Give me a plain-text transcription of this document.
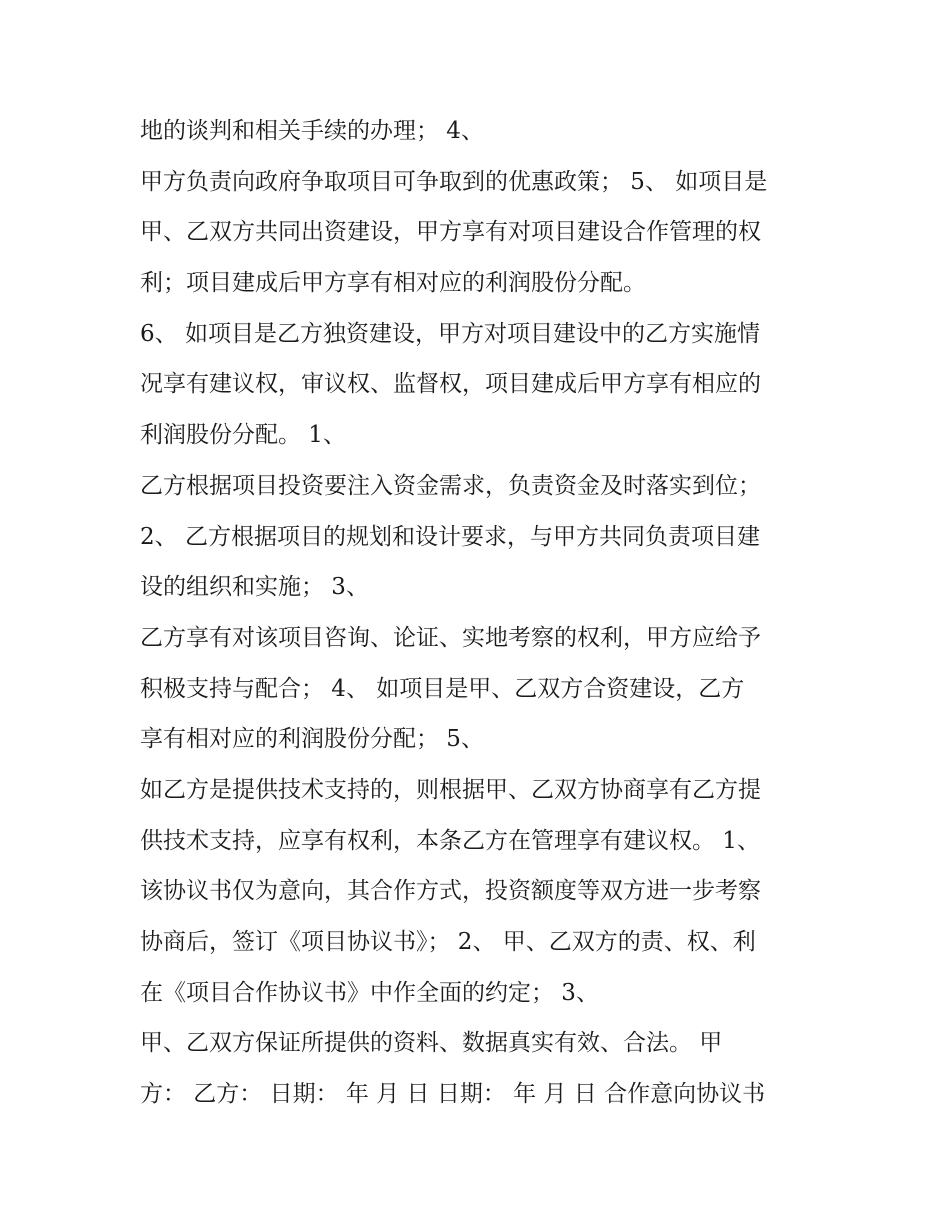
地的谈判和相关手续的办理； 4、
甲方负责向政府争取项目可争取到的优惠政策； 5、 如项目是
甲、乙双方共同出资建设，甲方享有对项目建设合作管理的权
利；项目建成后甲方享有相对应的利润股份分配。
6、 如项目是乙方独资建设，甲方对项目建设中的乙方实施情
况享有建议权，审议权、监督权，项目建成后甲方享有相应的
利润股份分配。 1、
乙方根据项目投资要注入资金需求，负责资金及时落实到位；
2、 乙方根据项目的规划和设计要求，与甲方共同负责项目建
设的组织和实施； 3、
乙方享有对该项目咨询、论证、实地考察的权利，甲方应给予
积极支持与配合； 4、 如项目是甲、乙双方合资建设，乙方
享有相对应的利润股份分配； 5、
如乙方是提供技术支持的，则根据甲、乙双方协商享有乙方提
供技术支持，应享有权利，本条乙方在管理享有建议权。 1、
该协议书仅为意向，其合作方式，投资额度等双方进一步考察
协商后，签订《项目协议书》； 2、 甲、乙双方的责、权、利
在《项目合作协议书》中作全面的约定； 3、
甲、乙双方保证所提供的资料、数据真实有效、合法。 甲
方： 乙方： 日期： 年 月 日 日期： 年 月 日 合作意向协议书
